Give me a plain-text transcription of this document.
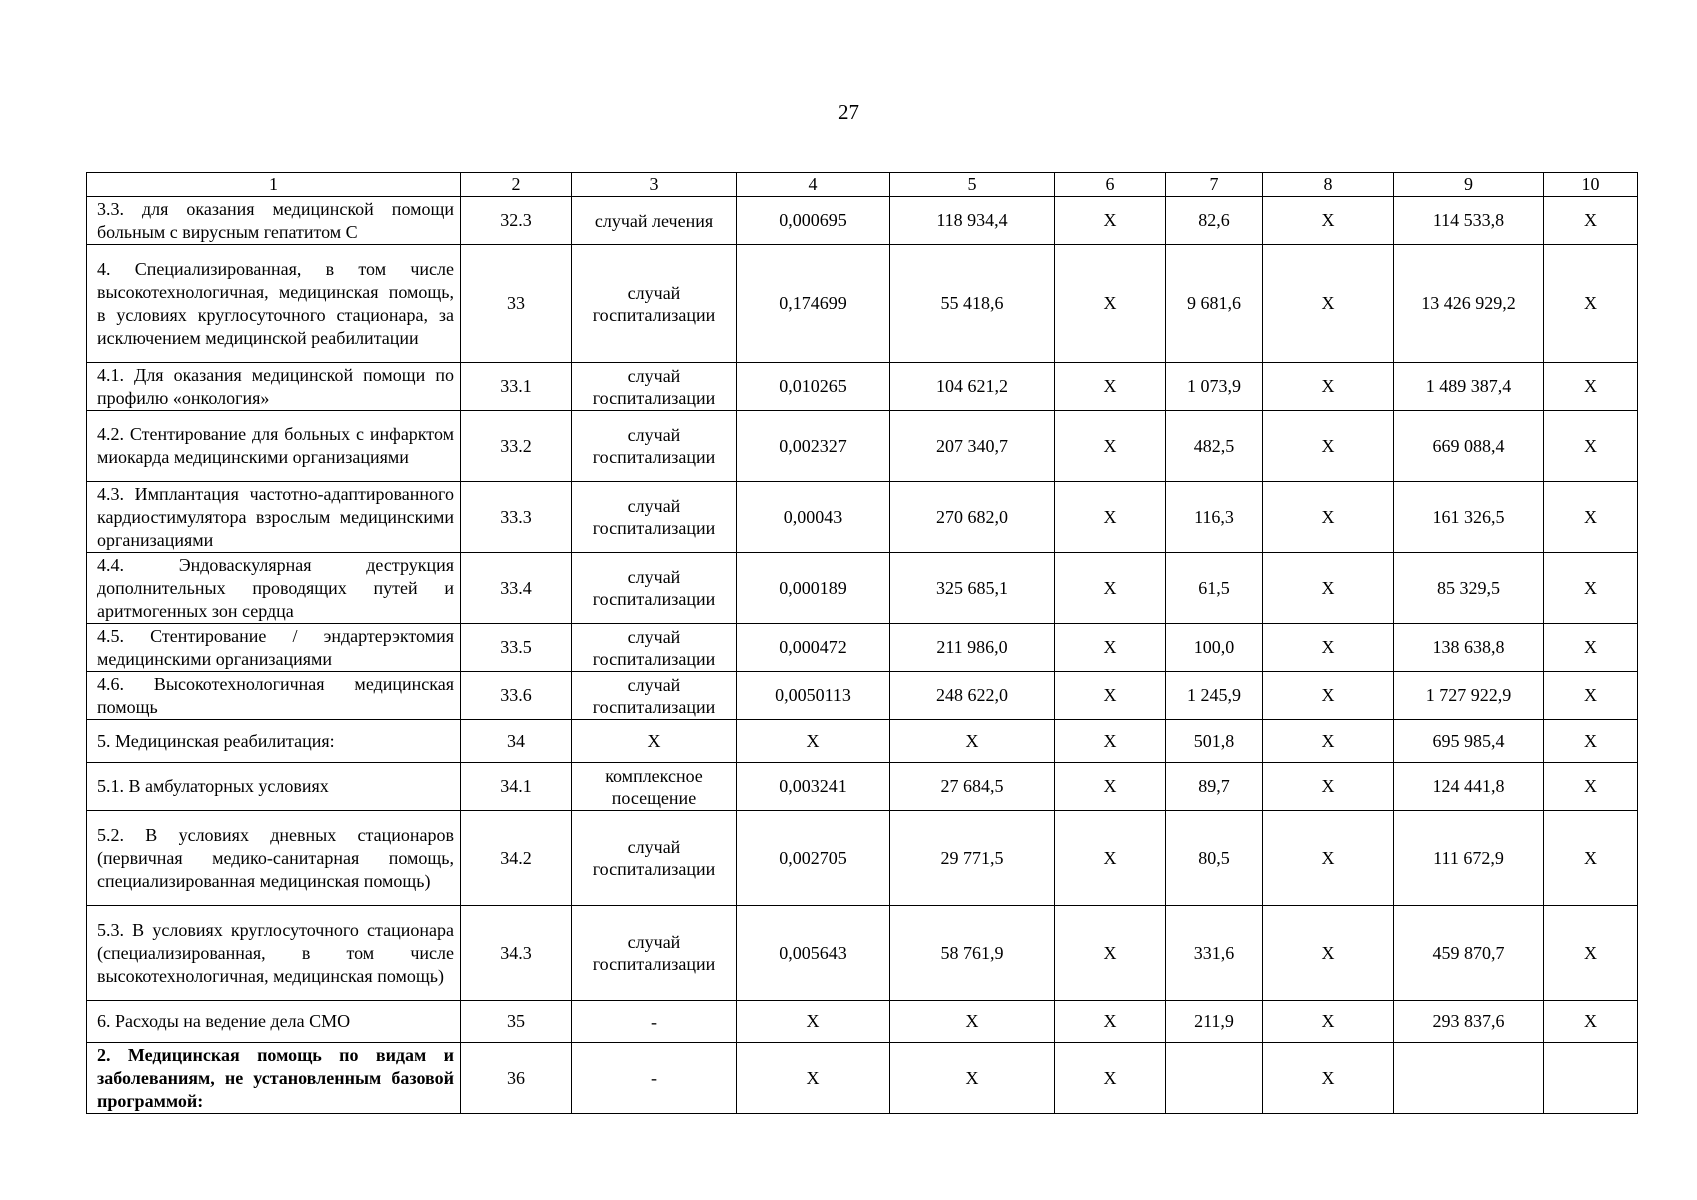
27
1	2	3	4	5	6	7	8	9	10
3.3. для оказания медицинской помощи больным с вирусным гепатитом С	32.3	случай лечения	0,000695	118 934,4	Х	82,6	Х	114 533,8	Х
4. Специализированная, в том числе высокотехнологичная, медицинская помощь, в условиях круглосуточного стационара, за исключением медицинской реабилитации	33	случай госпитализации	0,174699	55 418,6	Х	9 681,6	Х	13 426 929,2	Х
4.1. Для оказания медицинской помощи по профилю «онкология»	33.1	случай госпитализации	0,010265	104 621,2	Х	1 073,9	Х	1 489 387,4	Х
4.2. Стентирование для больных с инфарктом миокарда медицинскими организациями	33.2	случай госпитализации	0,002327	207 340,7	Х	482,5	Х	669 088,4	Х
4.3. Имплантация частотно-адаптированного кардиостимулятора взрослым медицинскими организациями	33.3	случай госпитализации	0,00043	270 682,0	Х	116,3	Х	161 326,5	Х
4.4. Эндоваскулярная деструкция дополнительных проводящих путей и аритмогенных зон сердца	33.4	случай госпитализации	0,000189	325 685,1	Х	61,5	Х	85 329,5	Х
4.5. Стентирование / эндартерэктомия медицинскими организациями	33.5	случай госпитализации	0,000472	211 986,0	Х	100,0	Х	138 638,8	Х
4.6. Высокотехнологичная медицинская помощь	33.6	случай госпитализации	0,0050113	248 622,0	Х	1 245,9	Х	1 727 922,9	Х
5. Медицинская реабилитация:	34	Х	Х	Х	Х	501,8	Х	695 985,4	Х
5.1. В амбулаторных условиях	34.1	комплексное посещение	0,003241	27 684,5	Х	89,7	Х	124 441,8	Х
5.2. В условиях дневных стационаров (первичная медико-санитарная помощь, специализированная медицинская помощь)	34.2	случай госпитализации	0,002705	29 771,5	Х	80,5	Х	111 672,9	Х
5.3. В условиях круглосуточного стационара (специализированная, в том числе высокотехнологичная, медицинская помощь)	34.3	случай госпитализации	0,005643	58 761,9	Х	331,6	Х	459 870,7	Х
6. Расходы на ведение дела СМО	35	-	Х	Х	Х	211,9	Х	293 837,6	Х
2. Медицинская помощь по видам и заболеваниям, не установленным базовой программой:	36	-	Х	Х	Х		Х		
